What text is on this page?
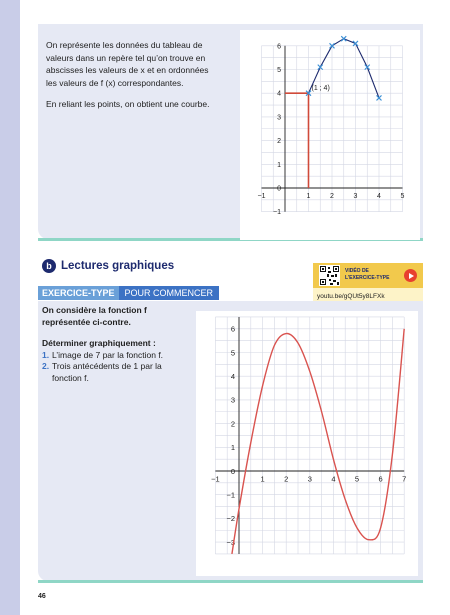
On représente les données du tableau de valeurs dans un repère tel qu’on trouve en abscisses les valeurs de x et en ordonnées les valeurs de f (x) correspondantes.

En reliant les points, on obtient une courbe.

−1	1	2	3	4	5
−1
0
1
2
3
4
5
6
(1 ; 4)
b Lectures graphiques	VIDÉO DE
L’EXERCICE-TYPE
youtu.be/gQUt5y8LFXk
EXERCICE-TYPE	POUR COMMENCER

On considère la fonction f représentée ci-contre.

Déterminer graphiquement :

1. L’image de 7 par la fonction f.
2. Trois antécédents de 1 par la fonction f.
−1	1	2	3	4	5	6	7
−3
−2
−1
0
1
2
3
4
5
6
46
